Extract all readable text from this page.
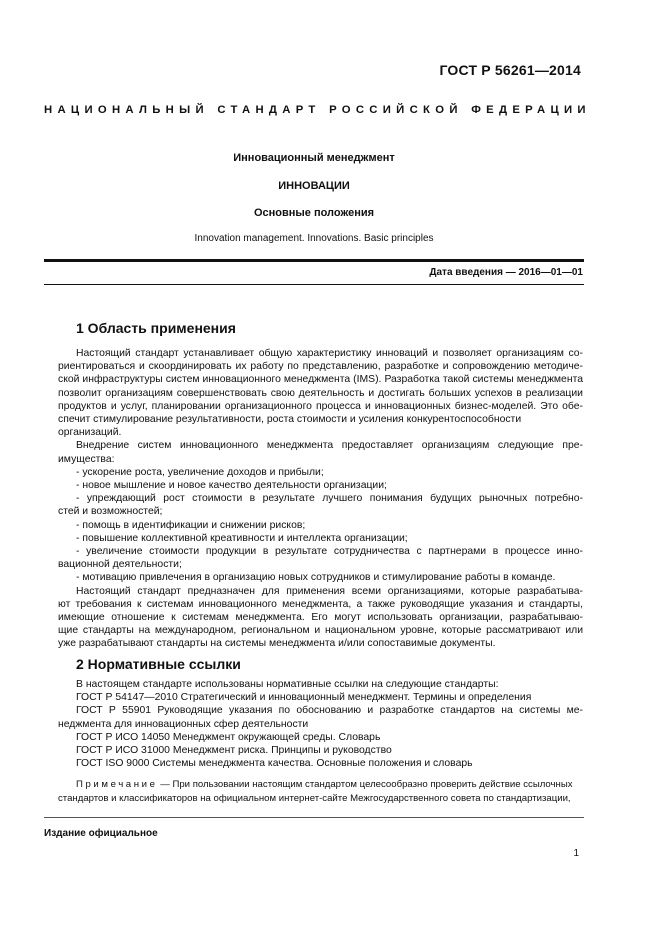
ГОСТ Р 56261—2014
НАЦИОНАЛЬНЫЙ СТАНДАРТ РОССИЙСКОЙ ФЕДЕРАЦИИ
Инновационный менеджмент
ИННОВАЦИИ
Основные положения
Innovation management. Innovations. Basic principles
Дата введения — 2016—01—01
1 Область применения

Настоящий стандарт устанавливает общую характеристику инноваций и позволяет организациям со-

риентироваться и скоординировать их работу по представлению, разработке и сопровождению методиче-

ской инфраструктуры систем инновационного менеджмента (IMS). Разработка такой системы менеджмента

позволит организациям совершенствовать свою деятельность и достигать больших успехов в реализации

продуктов и услуг, планировании организационного процесса и инновационных бизнес-моделей. Это обе-

спечит стимулирование результативности, роста стоимости и усиления конкурентоспособности организаций.

Внедрение систем инновационного менеджмента предоставляет организациям следующие пре-

имущества:

- ускорение роста, увеличение доходов и прибыли;

- новое мышление и новое качество деятельности организации;

- упреждающий рост стоимости в результате лучшего понимания будущих рыночных потребно-

стей и возможностей;

- помощь в идентификации и снижении рисков;

- повышение коллективной креативности и интеллекта организации;

- увеличение стоимости продукции в результате сотрудничества с партнерами в процессе инно-

вационной деятельности;

- мотивацию привлечения в организацию новых сотрудников и стимулирование работы в команде.

Настоящий стандарт предназначен для применения всеми организациями, которые разрабатыва-

ют требования к системам инновационного менеджмента, а также руководящие указания и стандарты,

имеющие отношение к системам менеджмента. Его могут использовать организации, разрабатываю-

щие стандарты на международном, региональном и национальном уровне, которые рассматривают или

уже разрабатывают стандарты на системы менеджмента и/или сопоставимые документы.

2 Нормативные ссылки

В настоящем стандарте использованы нормативные ссылки на следующие стандарты:

ГОСТ Р 54147—2010 Стратегический и инновационный менеджмент. Термины и определения

ГОСТ Р 55901 Руководящие указания по обоснованию и разработке стандартов на системы ме-

неджмента для инновационных сфер деятельности

ГОСТ Р ИСО 14050 Менеджмент окружающей среды. Словарь

ГОСТ Р ИСО 31000 Менеджмент риска. Принципы и руководство

ГОСТ ISO 9000 Системы менеджмента качества. Основные положения и словарь

Примечание — При пользовании настоящим стандартом целесообразно проверить действие ссылочных

стандартов и классификаторов на официальном интернет-сайте Межгосударственного совета по стандартизации,

Издание официальное
1
